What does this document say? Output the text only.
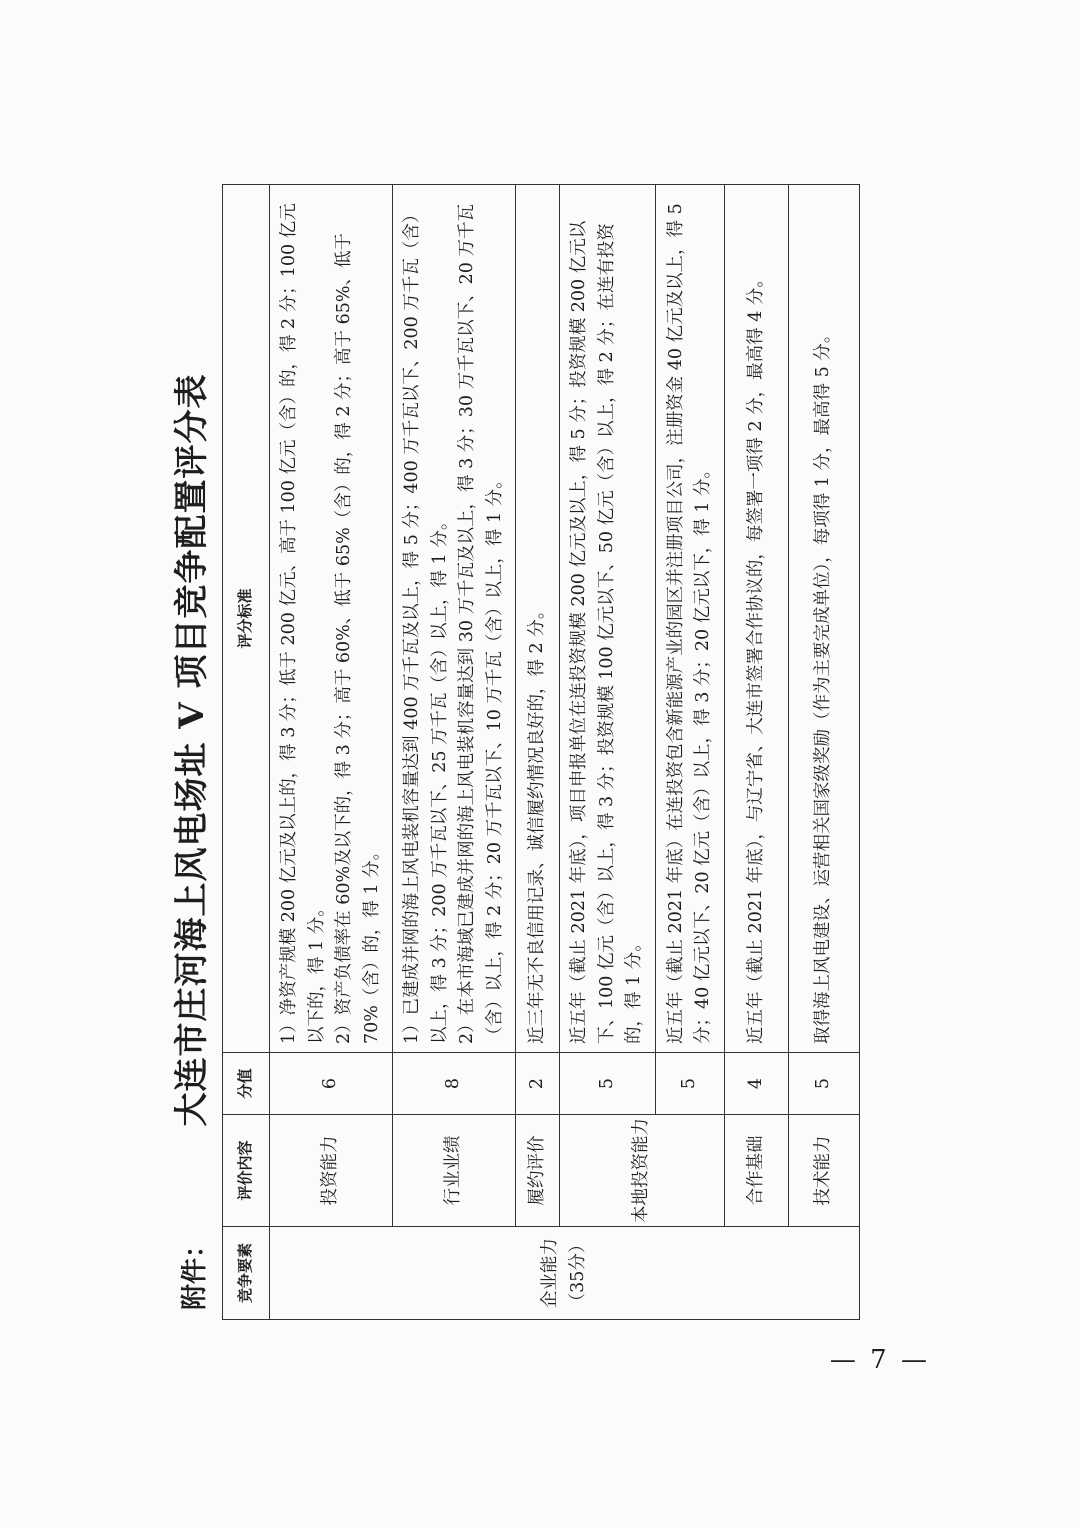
附件：
大连市庄河海上风电场址 V 项目竞争配置评分表
竞争要素	评价内容	分值	评分标准

企业能力 （35分）	投资能力	6	1）净资产规模 200 亿元及以上的，得 3 分；低于 200 亿元、高于 100 亿元（含）的，得 2 分；100 亿元以下的，得 1 分。 2）资产负债率在 60%及以下的，得 3 分；高于 60%、低于 65%（含）的，得 2 分；高于 65%、低于 70%（含）的，得 1 分。

	行业业绩	8	1）已建成并网的海上风电装机容量达到 400 万千瓦及以上，得 5 分；400 万千瓦以下、200 万千瓦（含）以上，得 3 分；200 万千瓦以下、25 万千瓦（含）以上，得 1 分。 2）在本市海域已建成并网的海上风电装机容量达到 30 万千瓦及以上，得 3 分；30 万千瓦以下、20 万千瓦（含）以上，得 2 分；20 万千瓦以下、10 万千瓦（含）以上，得 1 分。

	履约评价	2	近三年无不良信用记录、诚信履约情况良好的，得 2 分。

	本地投资能力	5	近五年（截止 2021 年底），项目申报单位在连投资规模 200 亿元及以上，得 5 分；投资规模 200 亿元以下、100 亿元（含）以上，得 3 分；投资规模 100 亿元以下、50 亿元（含）以上，得 2 分；在连有投资的，得 1 分。

		5	近五年（截止 2021 年底）在连投资包含新能源产业的园区并注册项目公司，注册资金 40 亿元及以上，得 5 分；40 亿元以下、20 亿元（含）以上，得 3 分；20 亿元以下，得 1 分。

	合作基础	4	近五年（截止 2021 年底），与辽宁省、大连市签署合作协议的，每签署一项得 2 分，最高得 4 分。

	技术能力	5	取得海上风电建设、运营相关国家级奖励（作为主要完成单位），每项得 1 分，最高得 5 分。
— 7 —
